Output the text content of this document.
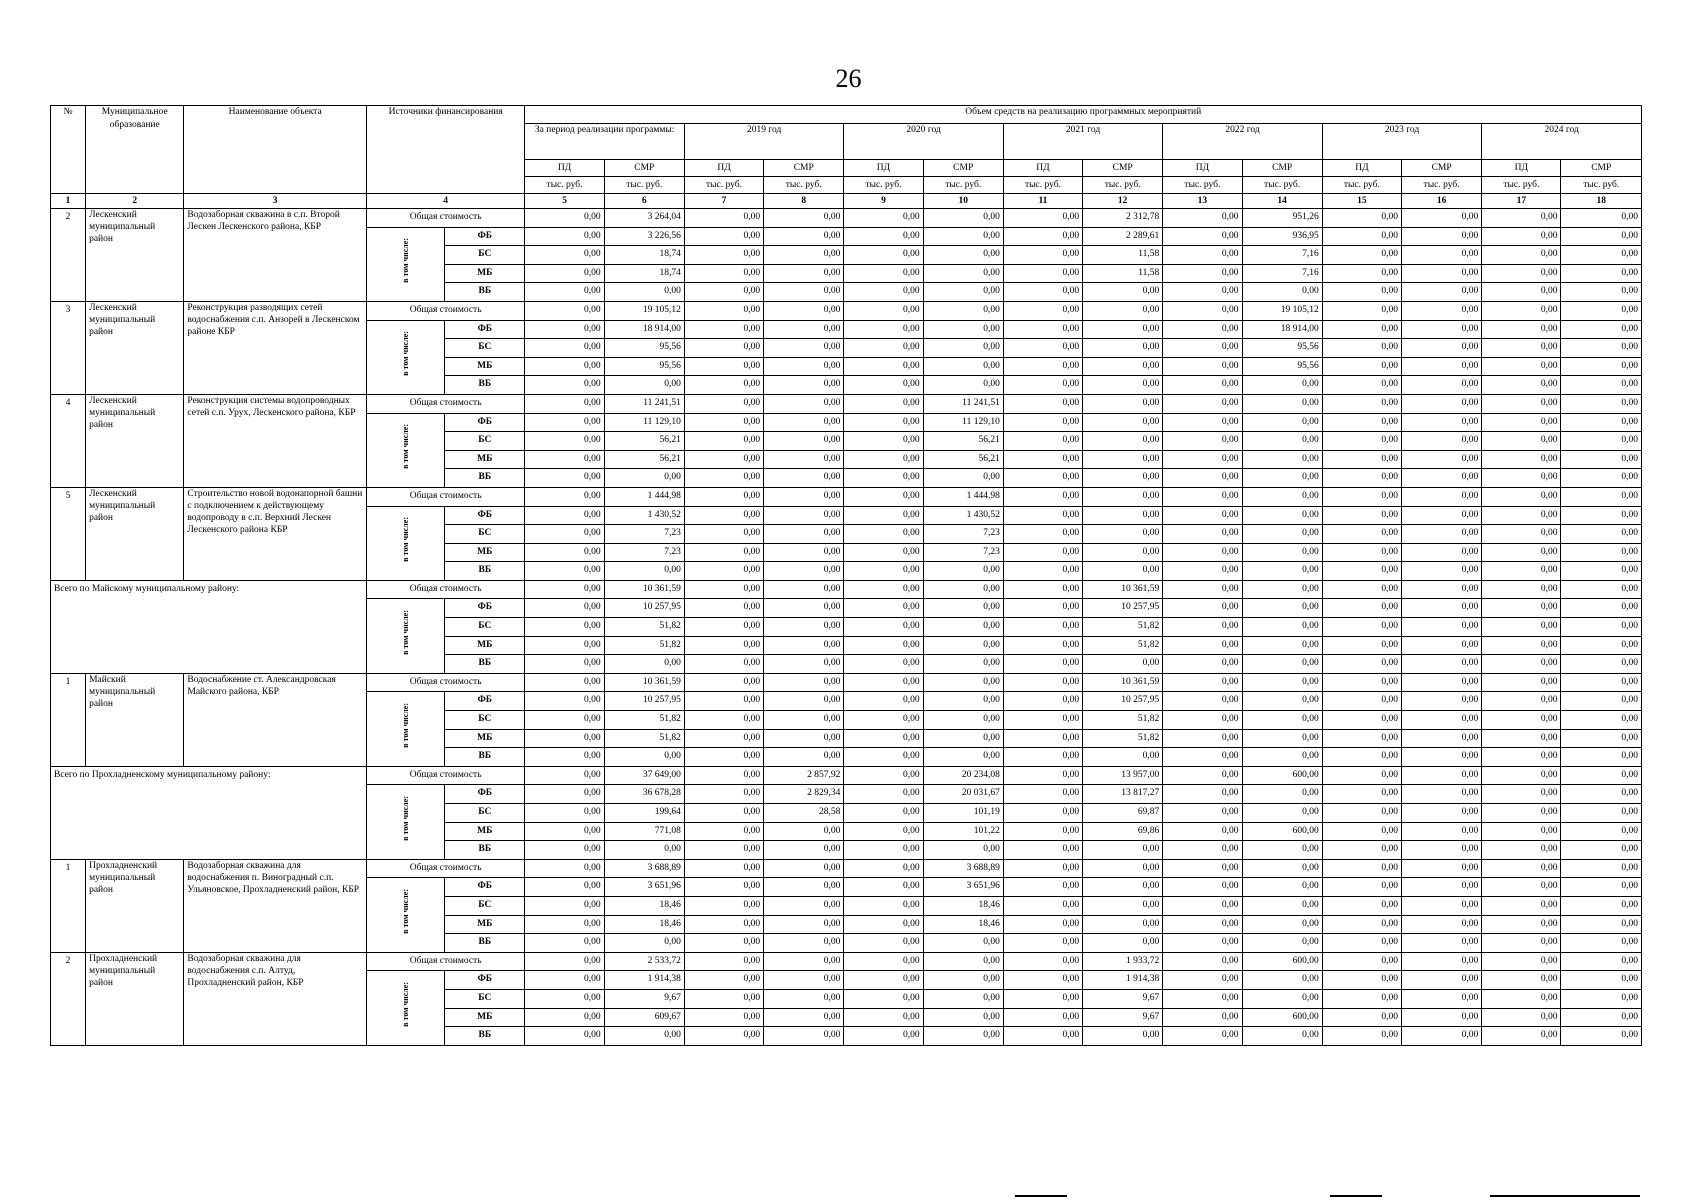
26
№	Муниципальное образование	Наименование объекта	Источники финансирования		Объем средств на реализацию программных мероприятий													
					За период реализации программы:		2019 год		2020 год		2021 год		2022 год		2023 год		2024 год	
					ПД	СМР	ПД	СМР	ПД	СМР	ПД	СМР	ПД	СМР	ПД	СМР	ПД	СМР
					тыс. руб.	тыс. руб.	тыс. руб.	тыс. руб.	тыс. руб.	тыс. руб.	тыс. руб.	тыс. руб.	тыс. руб.	тыс. руб.	тыс. руб.	тыс. руб.	тыс. руб.	тыс. руб.
1	2	3	4		5	6	7	8	9	10	11	12	13	14	15	16	17	18
2	Лескенский муниципальный район	Водозаборная скважина в с.п. Второй Лескен Лескенского района, КБР	Общая стоимость		0,00	3 264,04	0,00	0,00	0,00	0,00	0,00	2 312,78	0,00	951,26	0,00	0,00	0,00	0,00
			в том числе:	ФБ	0,00	3 226,56	0,00	0,00	0,00	0,00	0,00	2 289,61	0,00	936,95	0,00	0,00	0,00	0,00
				БС	0,00	18,74	0,00	0,00	0,00	0,00	0,00	11,58	0,00	7,16	0,00	0,00	0,00	0,00
				МБ	0,00	18,74	0,00	0,00	0,00	0,00	0,00	11,58	0,00	7,16	0,00	0,00	0,00	0,00
				ВБ	0,00	0,00	0,00	0,00	0,00	0,00	0,00	0,00	0,00	0,00	0,00	0,00	0,00	0,00
3	Лескенский муниципальный район	Реконструкция разводящих сетей водоснабжения с.п. Анзорей в Лескенском районе КБР	Общая стоимость		0,00	19 105,12	0,00	0,00	0,00	0,00	0,00	0,00	0,00	19 105,12	0,00	0,00	0,00	0,00
			в том числе:	ФБ	0,00	18 914,00	0,00	0,00	0,00	0,00	0,00	0,00	0,00	18 914,00	0,00	0,00	0,00	0,00
				БС	0,00	95,56	0,00	0,00	0,00	0,00	0,00	0,00	0,00	95,56	0,00	0,00	0,00	0,00
				МБ	0,00	95,56	0,00	0,00	0,00	0,00	0,00	0,00	0,00	95,56	0,00	0,00	0,00	0,00
				ВБ	0,00	0,00	0,00	0,00	0,00	0,00	0,00	0,00	0,00	0,00	0,00	0,00	0,00	0,00
4	Лескенский муниципальный район	Реконструкция системы водопроводных сетей с.п. Урух, Лескенского района, КБР	Общая стоимость		0,00	11 241,51	0,00	0,00	0,00	11 241,51	0,00	0,00	0,00	0,00	0,00	0,00	0,00	0,00
			в том числе:	ФБ	0,00	11 129,10	0,00	0,00	0,00	11 129,10	0,00	0,00	0,00	0,00	0,00	0,00	0,00	0,00
				БС	0,00	56,21	0,00	0,00	0,00	56,21	0,00	0,00	0,00	0,00	0,00	0,00	0,00	0,00
				МБ	0,00	56,21	0,00	0,00	0,00	56,21	0,00	0,00	0,00	0,00	0,00	0,00	0,00	0,00
				ВБ	0,00	0,00	0,00	0,00	0,00	0,00	0,00	0,00	0,00	0,00	0,00	0,00	0,00	0,00
5	Лескенский муниципальный район	Строительство новой водонапорной башни с подключением к действующему водопроводу в с.п. Верхний Лескен Лескенского района КБР	Общая стоимость		0,00	1 444,98	0,00	0,00	0,00	1 444,98	0,00	0,00	0,00	0,00	0,00	0,00	0,00	0,00
			в том числе:	ФБ	0,00	1 430,52	0,00	0,00	0,00	1 430,52	0,00	0,00	0,00	0,00	0,00	0,00	0,00	0,00
				БС	0,00	7,23	0,00	0,00	0,00	7,23	0,00	0,00	0,00	0,00	0,00	0,00	0,00	0,00
				МБ	0,00	7,23	0,00	0,00	0,00	7,23	0,00	0,00	0,00	0,00	0,00	0,00	0,00	0,00
				ВБ	0,00	0,00	0,00	0,00	0,00	0,00	0,00	0,00	0,00	0,00	0,00	0,00	0,00	0,00
Всего по Майскому муниципальному району:			Общая стоимость		0,00	10 361,59	0,00	0,00	0,00	0,00	0,00	10 361,59	0,00	0,00	0,00	0,00	0,00	0,00
			в том числе:	ФБ	0,00	10 257,95	0,00	0,00	0,00	0,00	0,00	10 257,95	0,00	0,00	0,00	0,00	0,00	0,00
				БС	0,00	51,82	0,00	0,00	0,00	0,00	0,00	51,82	0,00	0,00	0,00	0,00	0,00	0,00
				МБ	0,00	51,82	0,00	0,00	0,00	0,00	0,00	51,82	0,00	0,00	0,00	0,00	0,00	0,00
				ВБ	0,00	0,00	0,00	0,00	0,00	0,00	0,00	0,00	0,00	0,00	0,00	0,00	0,00	0,00
1	Майский муниципальный район	Водоснабжение ст. Александровская Майского района, КБР	Общая стоимость		0,00	10 361,59	0,00	0,00	0,00	0,00	0,00	10 361,59	0,00	0,00	0,00	0,00	0,00	0,00
			в том числе:	ФБ	0,00	10 257,95	0,00	0,00	0,00	0,00	0,00	10 257,95	0,00	0,00	0,00	0,00	0,00	0,00
				БС	0,00	51,82	0,00	0,00	0,00	0,00	0,00	51,82	0,00	0,00	0,00	0,00	0,00	0,00
				МБ	0,00	51,82	0,00	0,00	0,00	0,00	0,00	51,82	0,00	0,00	0,00	0,00	0,00	0,00
				ВБ	0,00	0,00	0,00	0,00	0,00	0,00	0,00	0,00	0,00	0,00	0,00	0,00	0,00	0,00
Всего по Прохладненскому муниципальному району:			Общая стоимость		0,00	37 649,00	0,00	2 857,92	0,00	20 234,08	0,00	13 957,00	0,00	600,00	0,00	0,00	0,00	0,00
			в том числе:	ФБ	0,00	36 678,28	0,00	2 829,34	0,00	20 031,67	0,00	13 817,27	0,00	0,00	0,00	0,00	0,00	0,00
				БС	0,00	199,64	0,00	28,58	0,00	101,19	0,00	69,87	0,00	0,00	0,00	0,00	0,00	0,00
				МБ	0,00	771,08	0,00	0,00	0,00	101,22	0,00	69,86	0,00	600,00	0,00	0,00	0,00	0,00
				ВБ	0,00	0,00	0,00	0,00	0,00	0,00	0,00	0,00	0,00	0,00	0,00	0,00	0,00	0,00
1	Прохладненский муниципальный район	Водозаборная скважина для водоснабжения п. Виноградный с.п. Ульяновское, Прохладненский район, КБР	Общая стоимость		0,00	3 688,89	0,00	0,00	0,00	3 688,89	0,00	0,00	0,00	0,00	0,00	0,00	0,00	0,00
			в том числе:	ФБ	0,00	3 651,96	0,00	0,00	0,00	3 651,96	0,00	0,00	0,00	0,00	0,00	0,00	0,00	0,00
				БС	0,00	18,46	0,00	0,00	0,00	18,46	0,00	0,00	0,00	0,00	0,00	0,00	0,00	0,00
				МБ	0,00	18,46	0,00	0,00	0,00	18,46	0,00	0,00	0,00	0,00	0,00	0,00	0,00	0,00
				ВБ	0,00	0,00	0,00	0,00	0,00	0,00	0,00	0,00	0,00	0,00	0,00	0,00	0,00	0,00
2	Прохладненский муниципальный район	Водозаборная скважина для водоснабжения с.п. Алтуд, Прохладненский район, КБР	Общая стоимость		0,00	2 533,72	0,00	0,00	0,00	0,00	0,00	1 933,72	0,00	600,00	0,00	0,00	0,00	0,00
			в том числе:	ФБ	0,00	1 914,38	0,00	0,00	0,00	0,00	0,00	1 914,38	0,00	0,00	0,00	0,00	0,00	0,00
				БС	0,00	9,67	0,00	0,00	0,00	0,00	0,00	9,67	0,00	0,00	0,00	0,00	0,00	0,00
				МБ	0,00	609,67	0,00	0,00	0,00	0,00	0,00	9,67	0,00	600,00	0,00	0,00	0,00	0,00
				ВБ	0,00	0,00	0,00	0,00	0,00	0,00	0,00	0,00	0,00	0,00	0,00	0,00	0,00	0,00
